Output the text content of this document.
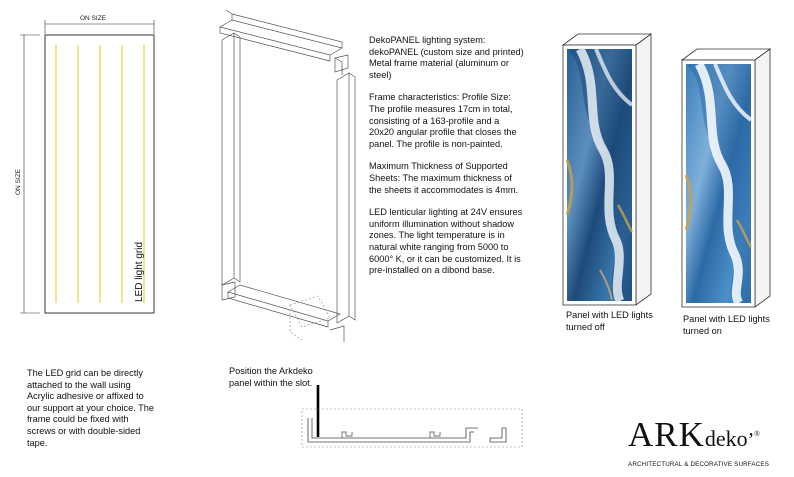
ON SIZE
ON SIZE
LED light grid
DekoPANEL lighting system: dekoPANEL (custom size and printed) Metal frame material (aluminum or steel)
Frame characteristics: Profile Size: The profile measures 17cm in total, consisting of a 163-profile and a 20x20 angular profile that closes the panel. The profile is non-painted.
Maximum Thickness of Supported Sheets: The maximum thickness of the sheets it accommodates is 4mm.
LED lenticular lighting at 24V ensures uniform illumination without shadow zones. The light temperature is in natural white ranging from 5000 to 6000° K, or it can be customized. It is pre-installed on a dibond base.
Panel with LED lights turned off
Panel with LED lights turned on
The LED grid can be directly attached to the wall using Acrylic adhesive or affixed to our support at your choice. The frame could be fixed with screws or with double-sided tape.
Position the Arkdeko panel within the slot.
ARKdeko’®
ARCHITECTURAL & DECORATIVE SURFACES
